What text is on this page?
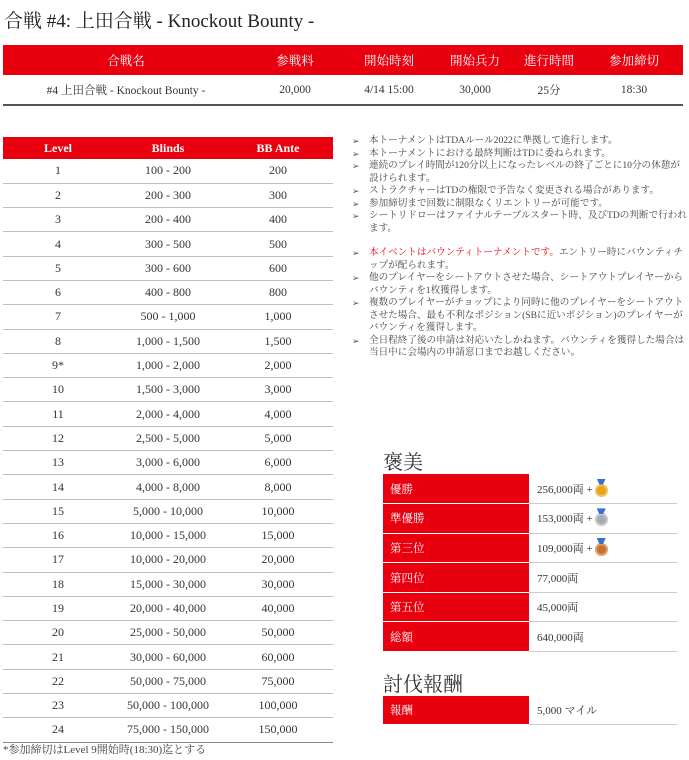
合戦 #4: 上田合戦 - Knockout Bounty -
合戦名	参戦料	開始時刻	開始兵力	進行時間	参加締切
#4 上田合戦 - Knockout Bounty -	20,000	4/14 15:00	30,000	25分	18:30
Level	Blinds	BB Ante
1	100 - 200	200
2	200 - 300	300
3	200 - 400	400
4	300 - 500	500
5	300 - 600	600
6	400 - 800	800
7	500 - 1,000	1,000
8	1,000 - 1,500	1,500
9*	1,000 - 2,000	2,000
10	1,500 - 3,000	3,000
11	2,000 - 4,000	4,000
12	2,500 - 5,000	5,000
13	3,000 - 6,000	6,000
14	4,000 - 8,000	8,000
15	5,000 - 10,000	10,000
16	10,000 - 15,000	15,000
17	10,000 - 20,000	20,000
18	15,000 - 30,000	30,000
19	20,000 - 40,000	40,000
20	25,000 - 50,000	50,000
21	30,000 - 60,000	60,000
22	50,000 - 75,000	75,000
23	50,000 - 100,000	100,000
24	75,000 - 150,000	150,000
*参加締切はLevel 9開始時(18:30)迄とする
➢ 本トーナメントはTDAルール2022に準拠して進行します。
➢ 本トーナメントにおける最終判断はTDに委ねられます。
➢ 連続のプレイ時間が120分以上になったレベルの終了ごとに10分の休憩が設けられます。
➢ ストラクチャーはTDの権限で予告なく変更される場合があります。
➢ 参加締切まで回数に制限なくリエントリーが可能です。
➢ シートリドローはファイナルテーブルスタート時、及びTDの判断で行われます。
➢ 本イベントはバウンティトーナメントです。エントリー時にバウンティチップが配られます。
➢ 他のプレイヤーをシートアウトさせた場合、シートアウトプレイヤーからバウンティを1枚獲得します。
➢ 複数のプレイヤーがチョップにより同時に他のプレイヤーをシートアウトさせた場合、最も不利なポジション(SBに近いポジション)のプレイヤーがバウンティを獲得します。
➢ 全日程終了後の申請は対応いたしかねます。バウンティを獲得した場合は当日中に会場内の申請窓口までお越しください。
褒美
優勝	256,000両 +
準優勝	153,000両 +
第三位	109,000両 +
第四位	77,000両
第五位	45,000両
総額	640,000両
討伐報酬
報酬	5,000 マイル
